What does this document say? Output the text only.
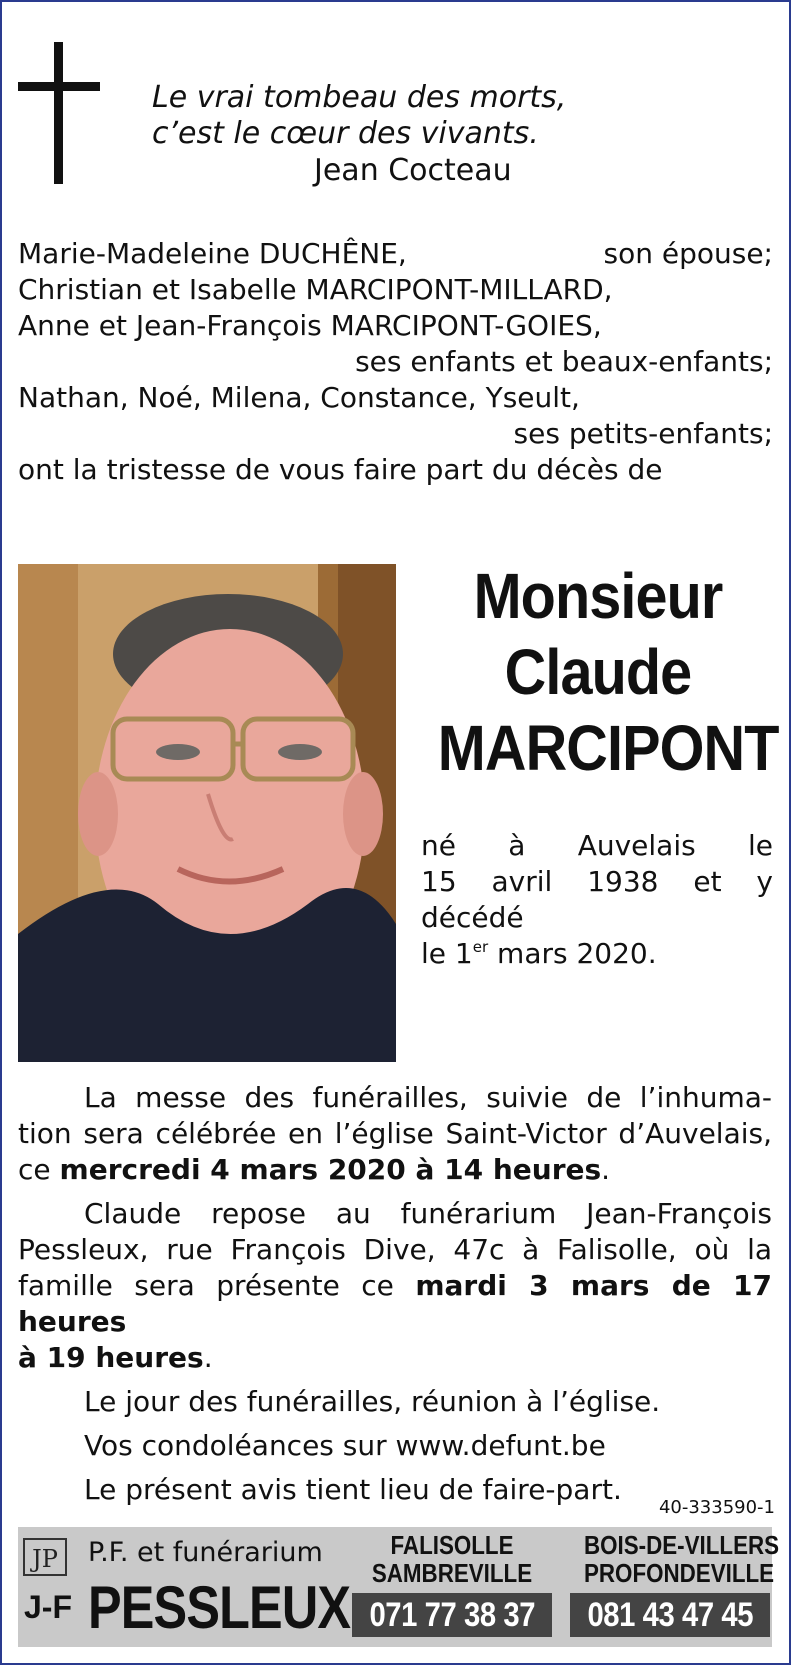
Le vrai tombeau des morts,
c’est le cœur des vivants.
Jean Cocteau
Marie-Madeleine DUCHÊNE,	son épouse;
Christian et Isabelle MARCIPONT-MILLARD,
Anne et Jean-François MARCIPONT-GOIES,
ses enfants et beaux-enfants;
Nathan, Noé, Milena, Constance, Yseult,
ses petits-enfants;
ont la tristesse de vous faire part du décès de
Monsieur
Claude
MARCIPONT
né à Auvelais le
15 avril 1938 et y décédé
le 1er mars 2020.
La messe des funérailles, suivie de l’inhuma-
tion sera célébrée en l’église Saint-Victor d’Auvelais,
ce mercredi 4 mars 2020 à 14 heures.
Claude repose au funérarium Jean-François
Pessleux, rue François Dive, 47c à Falisolle, où la
famille sera présente ce mardi 3 mars de 17 heures
à 19 heures.
Le jour des funérailles, réunion à l’église.
Vos condoléances sur www.defunt.be
Le présent avis tient lieu de faire-part.
40-333590-1
JP P.F. et funérarium
J-F PESSLEUX
FALISOLLE
SAMBREVILLE
071 77 38 37
BOIS-DE-VILLERS
PROFONDEVILLE
081 43 47 45
